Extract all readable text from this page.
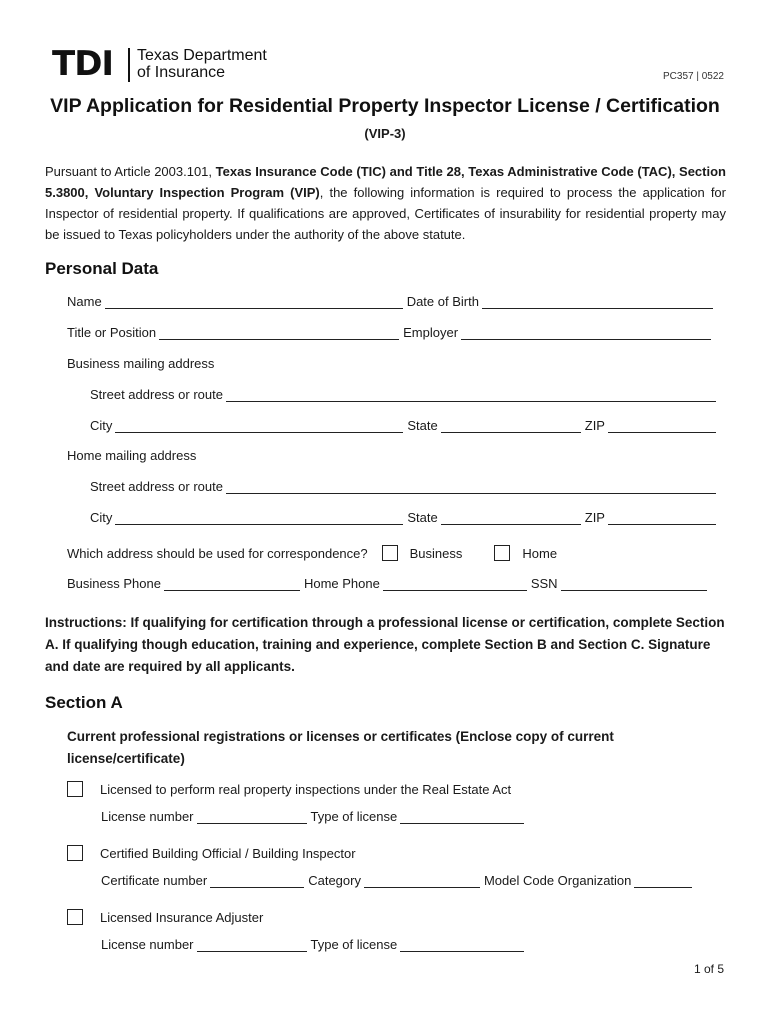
TDI Texas Department
of Insurance	PC357 | 0522
VIP Application for Residential Property Inspector License / Certification
(VIP-3)
Pursuant to Article 2003.101, Texas Insurance Code (TIC) and Title 28, Texas Administrative Code (TAC), Section 5.3800, Voluntary Inspection Program (VIP), the following information is required to process the application for Inspector of residential property. If qualifications are approved, Certificates of insurability for residential property may be issued to Texas policyholders under the authority of the above statute.
Personal Data
Name	Date of Birth
Title or Position	Employer
Business mailing address
Street address or route
City	State	ZIP
Home mailing address
Street address or route
City	State	ZIP
Which address should be used for correspondence?	Business	Home
Business Phone	Home Phone	SSN
Instructions: If qualifying for certification through a professional license or certification, complete Section A. If qualifying though education, training and experience, complete Section B and Section C. Signature and date are required by all applicants.
Section A
Current professional registrations or licenses or certificates (Enclose copy of current license/certificate)
Licensed to perform real property inspections under the Real Estate Act
License number	Type of license
Certified Building Official / Building Inspector
Certificate number	Category	Model Code Organization
Licensed Insurance Adjuster
License number	Type of license
1 of 5
